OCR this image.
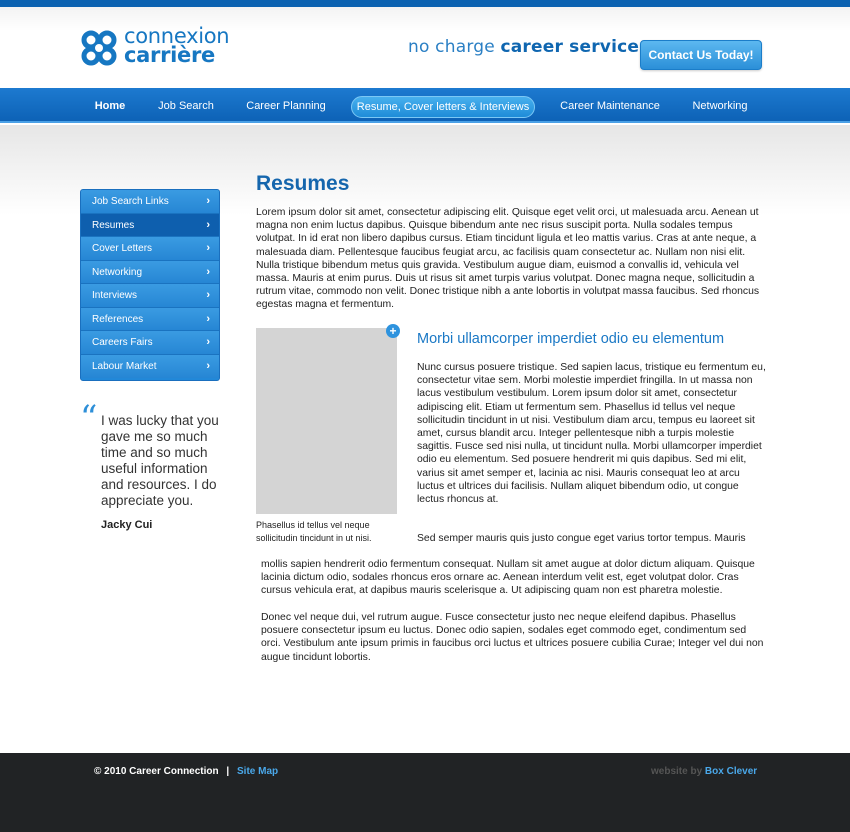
connexion
carrière	no charge career service Contact Us Today!
Home	Job Search	Career Planning	Resume, Cover letters & Interviews	Career Maintenance	Networking
Job Search Links	›
Resumes	›
Cover Letters	›
Networking	›
Interviews	›
References	›
Careers Fairs	›
Labour Market	›
“ I was lucky that you gave me so much time and so much useful information and resources. I do appreciate you.
Jacky Cui
Resumes
Lorem ipsum dolor sit amet, consectetur adipiscing elit. Quisque eget velit orci, ut malesuada arcu. Aenean ut magna non enim luctus dapibus. Quisque bibendum ante nec risus suscipit porta. Nulla sodales tempus volutpat. In id erat non libero dapibus cursus. Etiam tincidunt ligula et leo mattis varius. Cras at ante neque, a malesuada diam. Pellentesque faucibus feugiat arcu, ac facilisis quam consectetur ac. Nullam non nisi elit. Nulla tristique bibendum metus quis gravida. Vestibulum augue diam, euismod a convallis id, vehicula vel massa. Mauris at enim purus. Duis ut risus sit amet turpis varius volutpat. Donec magna neque, sollicitudin a rutrum vitae, commodo non velit. Donec tristique nibh a ante lobortis in volutpat massa faucibus. Sed rhoncus egestas magna et fermentum.
+
Phasellus id tellus vel neque sollicitudin tincidunt in ut nisi.
Morbi ullamcorper imperdiet odio eu elementum
Nunc cursus posuere tristique. Sed sapien lacus, tristique eu fermentum eu, consectetur vitae sem. Morbi molestie imperdiet fringilla. In ut massa non lacus vestibulum vestibulum. Lorem ipsum dolor sit amet, consectetur adipiscing elit. Etiam ut fermentum sem. Phasellus id tellus vel neque sollicitudin tincidunt in ut nisi. Vestibulum diam arcu, tempus eu laoreet sit amet, cursus blandit arcu. Integer pellentesque nibh a turpis molestie sagittis. Fusce sed nisi nulla, ut tincidunt nulla. Morbi ullamcorper imperdiet odio eu elementum. Sed posuere hendrerit mi quis dapibus. Sed mi elit, varius sit amet semper et, lacinia ac nisi. Mauris consequat leo at arcu luctus et ultrices dui facilisis. Nullam aliquet bibendum odio, ut congue lectus rhoncus at.
Sed semper mauris quis justo congue eget varius tortor tempus. Mauris
mollis sapien hendrerit odio fermentum consequat. Nullam sit amet augue at dolor dictum aliquam. Quisque lacinia dictum odio, sodales rhoncus eros ornare ac. Aenean interdum velit est, eget volutpat dolor. Cras cursus vehicula erat, at dapibus mauris scelerisque a. Ut adipiscing quam non est pharetra molestie.
Donec vel neque dui, vel rutrum augue. Fusce consectetur justo nec neque eleifend dapibus. Phasellus posuere consectetur ipsum eu luctus. Donec odio sapien, sodales eget commodo eget, condimentum sed orci. Vestibulum ante ipsum primis in faucibus orci luctus et ultrices posuere cubilia Curae; Integer vel dui non augue tincidunt lobortis.
© 2010 Career Connection | Site Map	website by Box Clever
